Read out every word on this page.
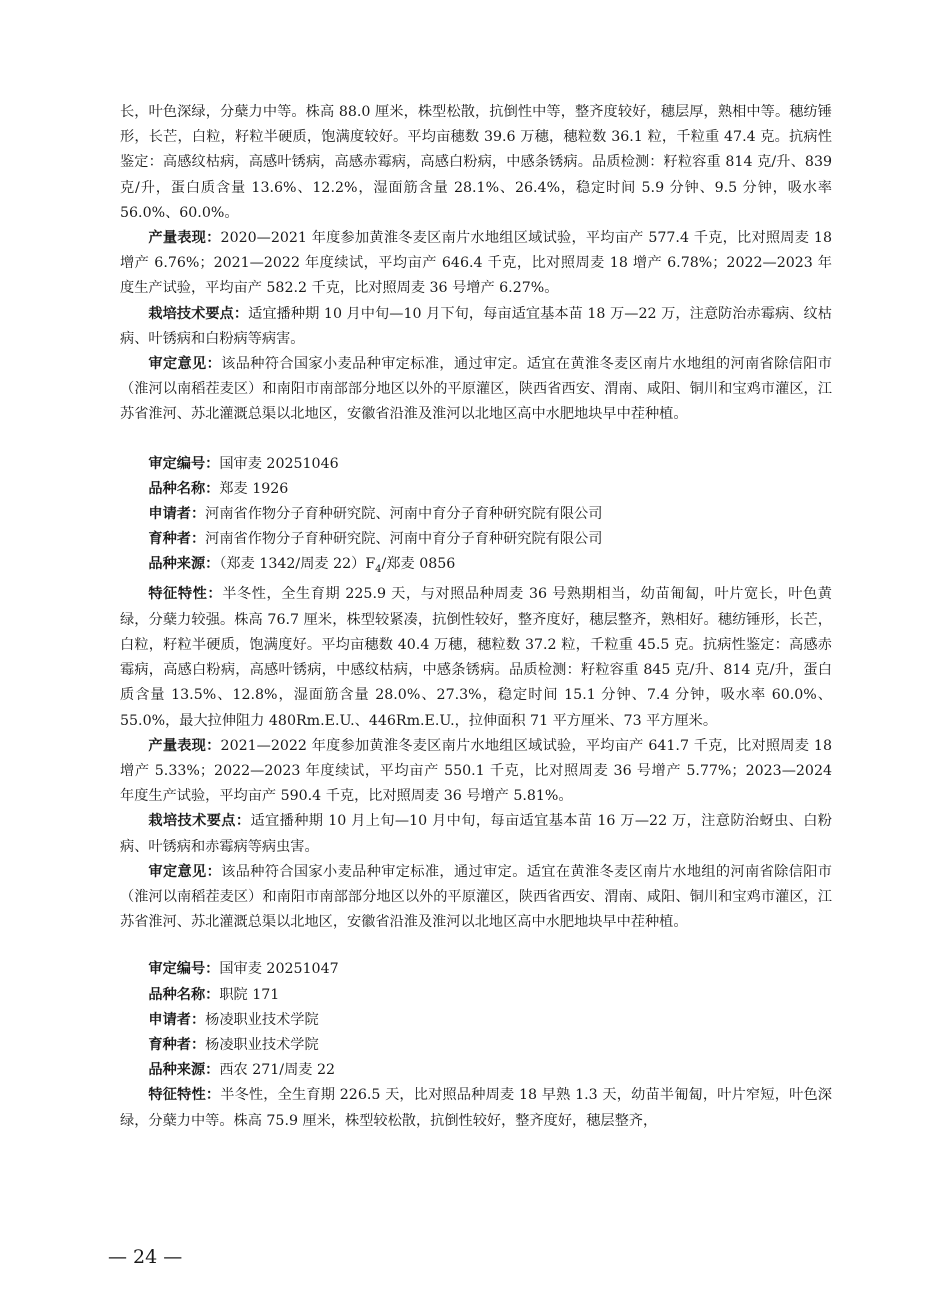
长，叶色深绿，分蘖力中等。株高 88.0 厘米，株型松散，抗倒性中等，整齐度较好，穗层厚，熟相中等。穗纺锤形，长芒，白粒，籽粒半硬质，饱满度较好。平均亩穗数 39.6 万穗，穗粒数 36.1 粒，千粒重 47.4 克。抗病性鉴定：高感纹枯病，高感叶锈病，高感赤霉病，高感白粉病，中感条锈病。品质检测：籽粒容重 814 克/升、839 克/升，蛋白质含量 13.6%、12.2%，湿面筋含量 28.1%、26.4%，稳定时间 5.9 分钟、9.5 分钟，吸水率 56.0%、60.0%。

产量表现：2020—2021 年度参加黄淮冬麦区南片水地组区域试验，平均亩产 577.4 千克，比对照周麦 18 增产 6.76%；2021—2022 年度续试，平均亩产 646.4 千克，比对照周麦 18 增产 6.78%；2022—2023 年度生产试验，平均亩产 582.2 千克，比对照周麦 36 号增产 6.27%。

栽培技术要点：适宜播种期 10 月中旬—10 月下旬，每亩适宜基本苗 18 万—22 万，注意防治赤霉病、纹枯病、叶锈病和白粉病等病害。

审定意见：该品种符合国家小麦品种审定标准，通过审定。适宜在黄淮冬麦区南片水地组的河南省除信阳市（淮河以南稻茬麦区）和南阳市南部部分地区以外的平原灌区，陕西省西安、渭南、咸阳、铜川和宝鸡市灌区，江苏省淮河、苏北灌溉总渠以北地区，安徽省沿淮及淮河以北地区高中水肥地块早中茬种植。

审定编号：国审麦 20251046

品种名称：郑麦 1926

申请者：河南省作物分子育种研究院、河南中育分子育种研究院有限公司

育种者：河南省作物分子育种研究院、河南中育分子育种研究院有限公司

品种来源：（郑麦 1342/周麦 $22)F_4/$郑麦 0856

特征特性：半冬性，全生育期 225.9 天，与对照品种周麦 36 号熟期相当，幼苗匍匐，叶片宽长，叶色黄绿，分蘖力较强。株高 76.7 厘米，株型较紧凑，抗倒性较好，整齐度好，穗层整齐，熟相好。穗纺锤形，长芒，白粒，籽粒半硬质，饱满度好。平均亩穗数 40.4 万穗，穗粒数 37.2 粒，千粒重 45.5 克。抗病性鉴定：高感赤霉病，高感白粉病，高感叶锈病，中感纹枯病，中感条锈病。品质检测：籽粒容重 845 克/升、814 克/升，蛋白质含量 13.5%、12.8%，湿面筋含量 28.0%、27.3%，稳定时间 15.1 分钟、7.4 分钟，吸水率 60.0%、55.0%，最大拉伸阻力 480Rm.E.U.、446Rm.E.U.，拉伸面积 71 平方厘米、73 平方厘米。

产量表现：2021—2022 年度参加黄淮冬麦区南片水地组区域试验，平均亩产 641.7 千克，比对照周麦 18 增产 5.33%；2022—2023 年度续试，平均亩产 550.1 千克，比对照周麦 36 号增产 5.77%；2023—2024 年度生产试验，平均亩产 590.4 千克，比对照周麦 36 号增产 5.81%。

栽培技术要点：适宜播种期 10 月上旬—10 月中旬，每亩适宜基本苗 16 万—22 万，注意防治蚜虫、白粉病、叶锈病和赤霉病等病虫害。

审定意见：该品种符合国家小麦品种审定标准，通过审定。适宜在黄淮冬麦区南片水地组的河南省除信阳市（淮河以南稻茬麦区）和南阳市南部部分地区以外的平原灌区，陕西省西安、渭南、咸阳、铜川和宝鸡市灌区，江苏省淮河、苏北灌溉总渠以北地区，安徽省沿淮及淮河以北地区高中水肥地块早中茬种植。

审定编号：国审麦 20251047

品种名称：职院 171

申请者：杨凌职业技术学院

育种者：杨凌职业技术学院

品种来源：西农 271/周麦 22

特征特性：半冬性，全生育期 226.5 天，比对照品种周麦 18 早熟 1.3 天，幼苗半匍匐，叶片窄短，叶色深绿，分蘖力中等。株高 75.9 厘米，株型较松散，抗倒性较好，整齐度好，穗层整齐，

— 24 —
